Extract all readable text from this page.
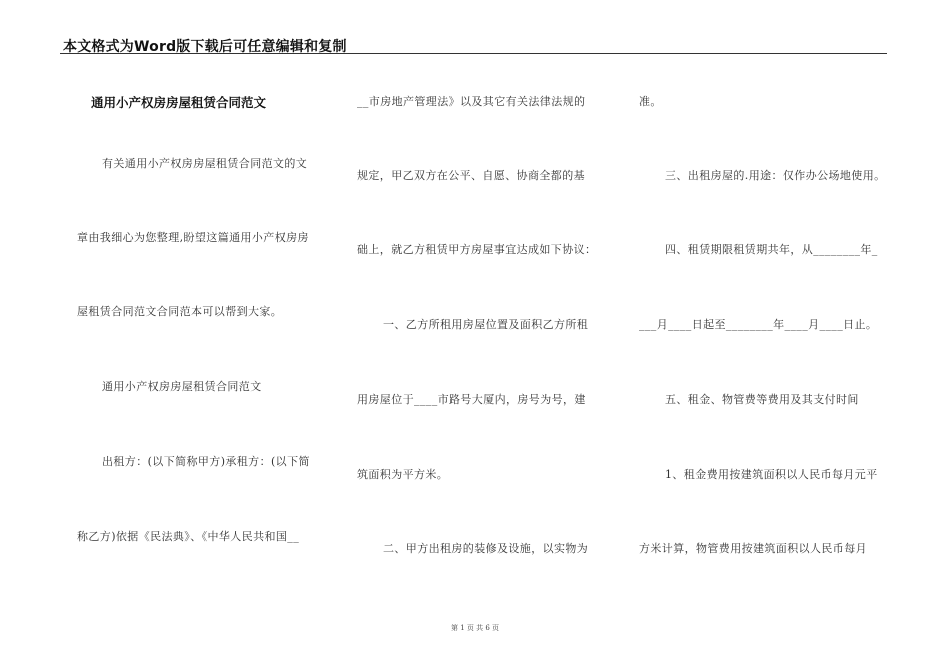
本文格式为Word版下载后可任意编辑和复制
通用小产权房房屋租赁合同范文
有关通用小产权房房屋租赁合同范文的文
章由我细心为您整理,盼望这篇通用小产权房房
屋租赁合同范文合同范本可以帮到大家。
通用小产权房房屋租赁合同范文
出租方：(以下简称甲方)承租方：(以下简
称乙方)依据《民法典》、《中华人民共和国__
__市房地产管理法》以及其它有关法律法规的
规定，甲乙双方在公平、自愿、协商全都的基
础上，就乙方租赁甲方房屋事宜达成如下协议：
一、乙方所租用房屋位置及面积乙方所租
用房屋位于____市路号大厦内，房号为号，建
筑面积为平方米。
二、甲方出租房的装修及设施，以实物为
准。
三、出租房屋的.用途：仅作办公场地使用。
四、租赁期限租赁期共年，从________年_
___月____日起至________年____月____日止。
五、租金、物管费等费用及其支付时间
1、租金费用按建筑面积以人民币每月元平
方米计算，物管费用按建筑面积以人民币每月
第 1 页 共 6 页
